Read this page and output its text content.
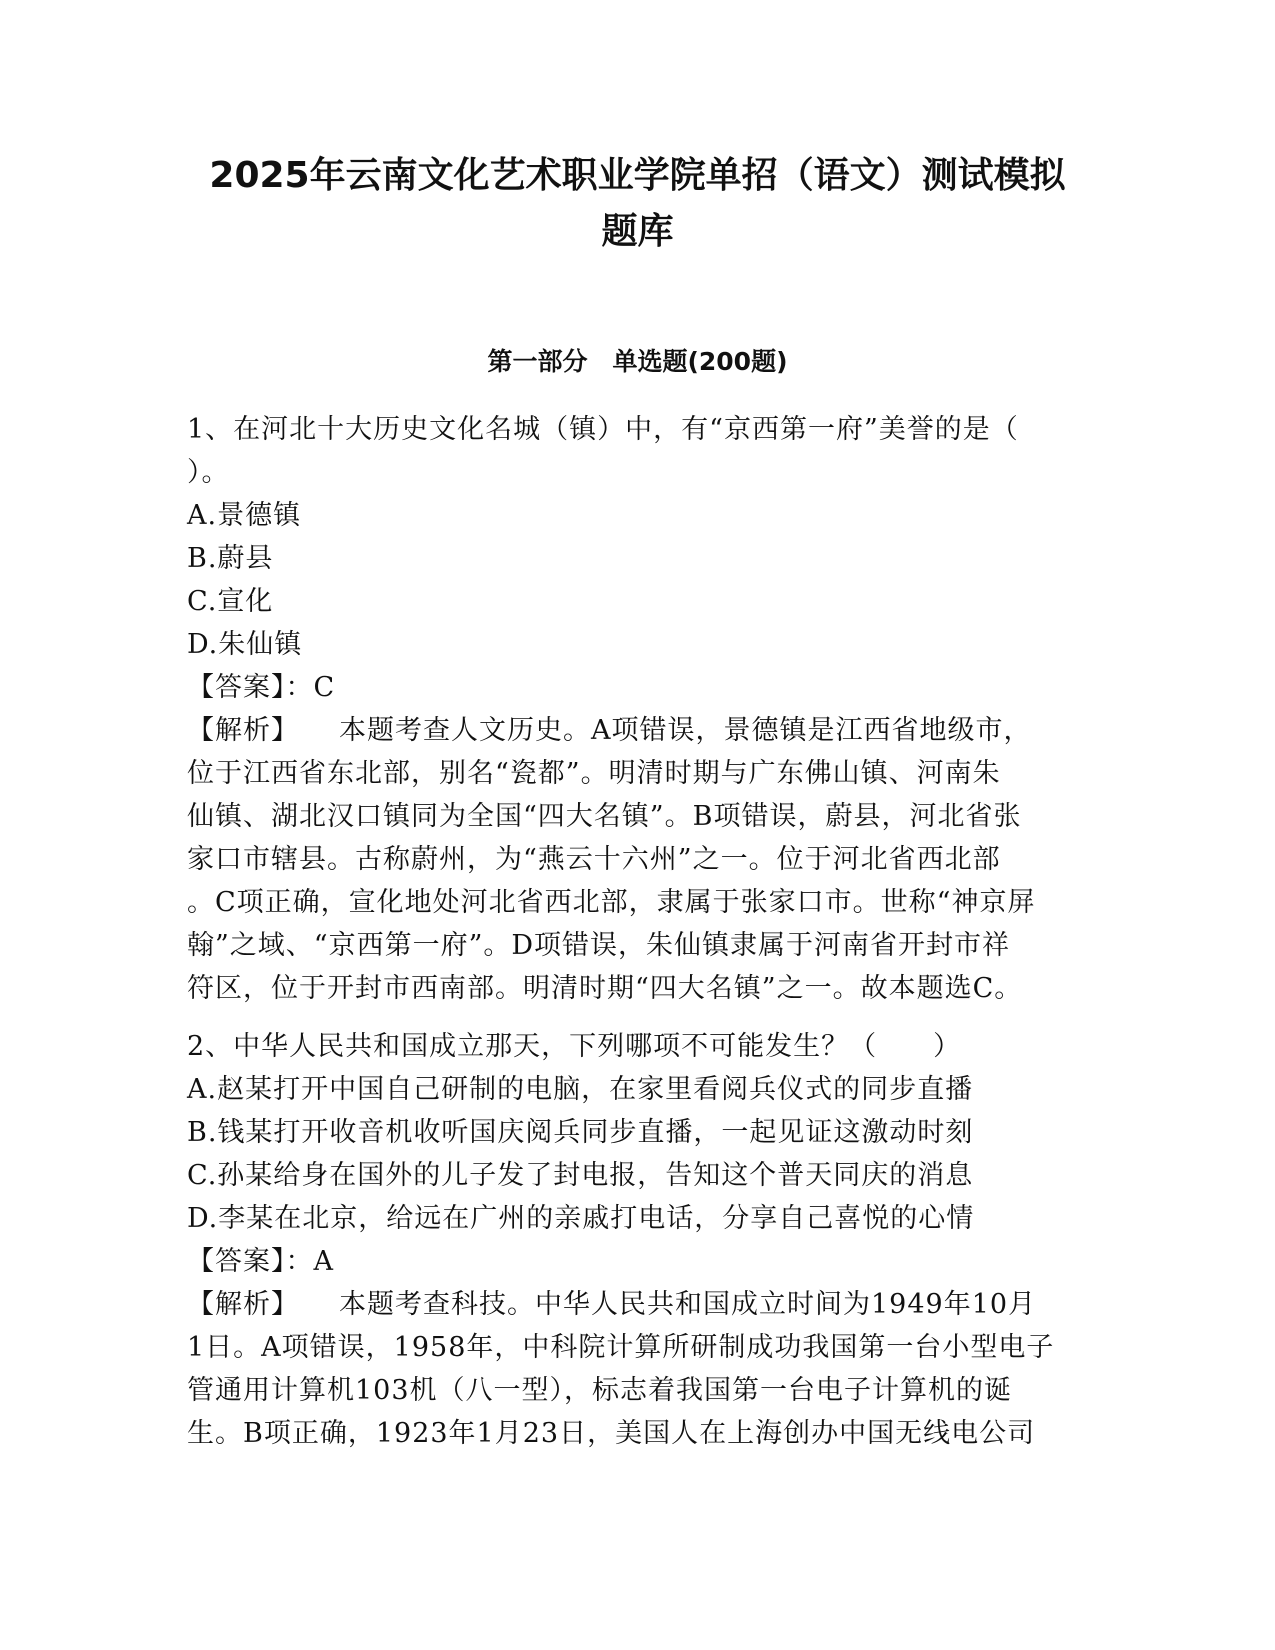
2025年云南文化艺术职业学院单招（语文）测试模拟
题库
第一部分　单选题(200题)
1、在河北十大历史文化名城（镇）中，有“京西第一府”美誉的是（
）。
A.景德镇
B.蔚县
C.宣化
D.朱仙镇
【答案】：C
【解析】 本题考查人文历史。A项错误，景德镇是江西省地级市，
位于江西省东北部，别名“瓷都”。明清时期与广东佛山镇、河南朱
仙镇、湖北汉口镇同为全国“四大名镇”。B项错误，蔚县，河北省张
家口市辖县。古称蔚州，为“燕云十六州”之一。位于河北省西北部
。C项正确，宣化地处河北省西北部，隶属于张家口市。世称“神京屏
翰”之域、“京西第一府”。D项错误，朱仙镇隶属于河南省开封市祥
符区，位于开封市西南部。明清时期“四大名镇”之一。故本题选C。
2、中华人民共和国成立那天，下列哪项不可能发生？（　　）
A.赵某打开中国自己研制的电脑，在家里看阅兵仪式的同步直播
B.钱某打开收音机收听国庆阅兵同步直播，一起见证这激动时刻
C.孙某给身在国外的儿子发了封电报，告知这个普天同庆的消息
D.李某在北京，给远在广州的亲戚打电话，分享自己喜悦的心情
【答案】：A
【解析】 本题考查科技。中华人民共和国成立时间为1949年10月
1日。A项错误，1958年，中科院计算所研制成功我国第一台小型电子
管通用计算机103机（八一型），标志着我国第一台电子计算机的诞
生。B项正确，1923年1月23日，美国人在上海创办中国无线电公司
